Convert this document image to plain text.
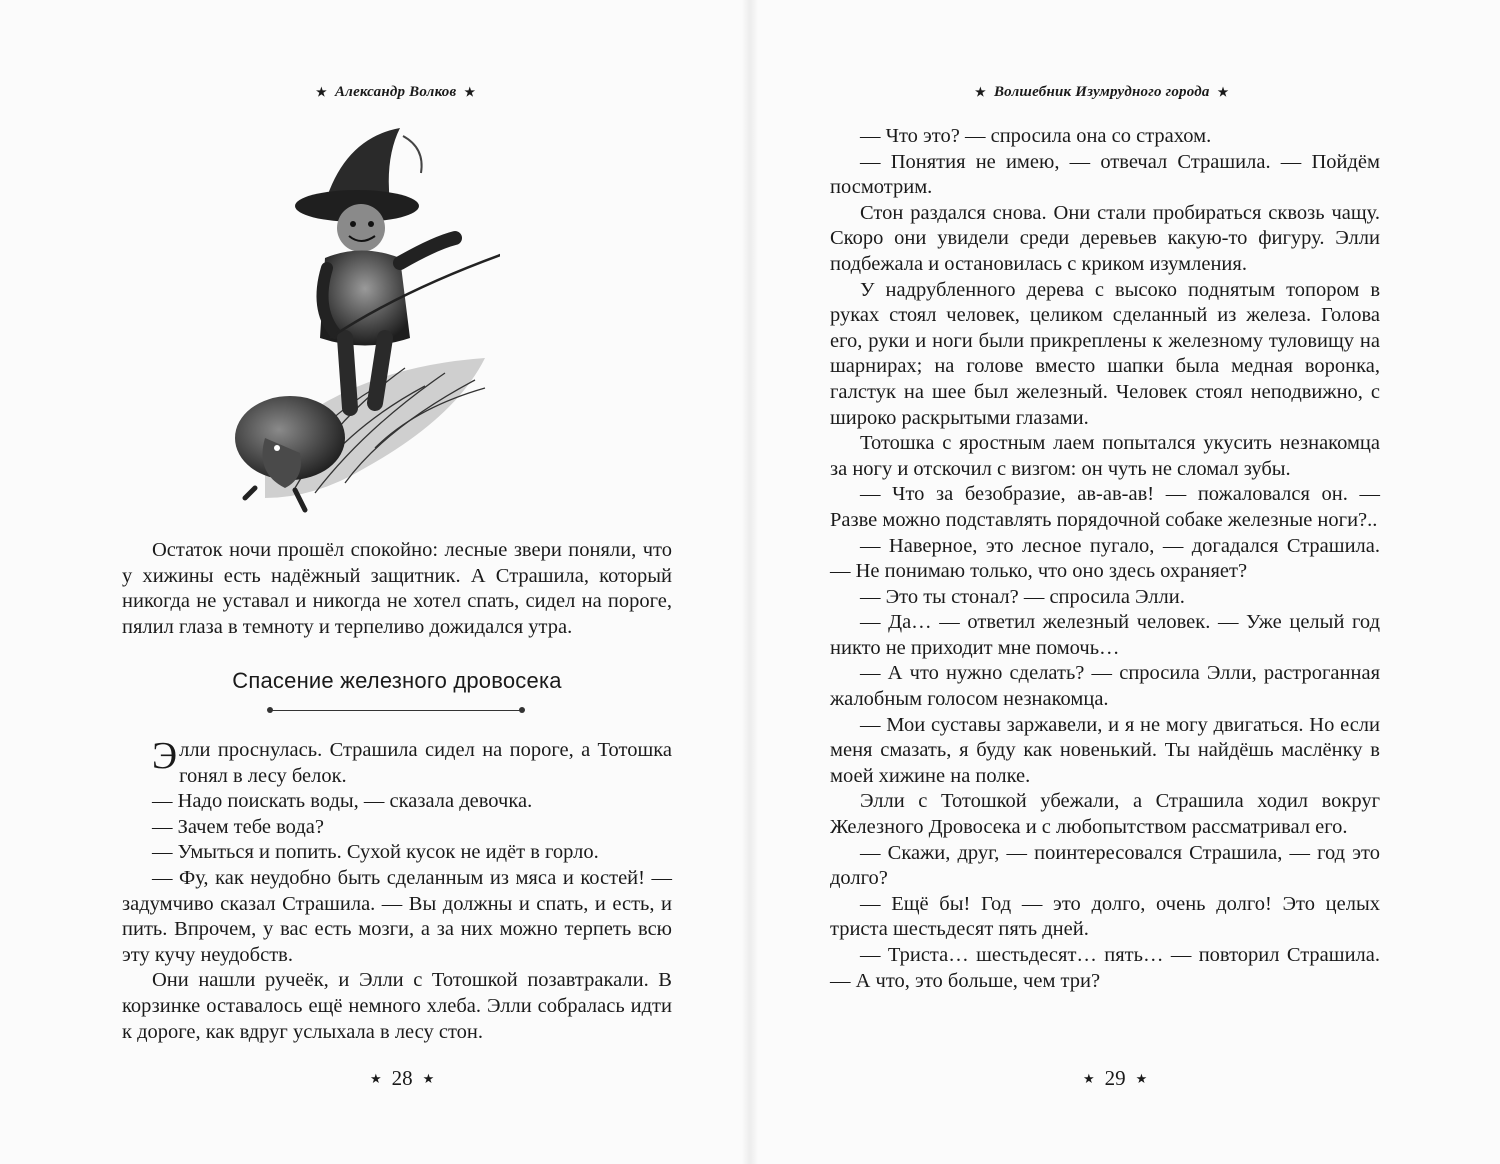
★ Александр Волков ★

Остаток ночи прошёл спокойно: лесные звери поняли, что у хижины есть надёжный защитник. А Страшила, который никогда не уставал и никогда не хотел спать, сидел на пороге, пялил глаза в темноту и терпеливо дожидался утра.

Спасение железного дровосека

Элли проснулась. Страшила сидел на пороге, а Тотошка гонял в лесу белок.

— Надо поискать воды, — сказала девочка.

— Зачем тебе вода?

— Умыться и попить. Сухой кусок не идёт в горло.

— Фу, как неудобно быть сделанным из мяса и костей! — задумчиво сказал Страшила. — Вы должны и спать, и есть, и пить. Впрочем, у вас есть мозги, а за них можно терпеть всю эту кучу неудобств.

Они нашли ручеёк, и Элли с Тотошкой позавтракали. В корзинке оставалось ещё немного хлеба. Элли собралась идти к дороге, как вдруг услыхала в лесу стон.

★ 28 ★
★ Волшебник Изумрудного города ★

— Что это? — спросила она со страхом.

— Понятия не имею, — отвечал Страшила. — Пойдём посмотрим.

Стон раздался снова. Они стали пробираться сквозь чащу. Скоро они увидели среди деревьев какую-то фигуру. Элли подбежала и остановилась с криком изумления.

У надрубленного дерева с высоко поднятым топором в руках стоял человек, целиком сделанный из железа. Голова его, руки и ноги были прикреплены к железному туловищу на шарнирах; на голове вместо шапки была медная воронка, галстук на шее был железный. Человек стоял неподвижно, с широко раскрытыми глазами.

Тотошка с яростным лаем попытался укусить незнакомца за ногу и отскочил с визгом: он чуть не сломал зубы.

— Что за безобразие, ав-ав-ав! — пожаловался он. — Разве можно подставлять порядочной собаке железные ноги?..

— Наверное, это лесное пугало, — догадался Страшила. — Не понимаю только, что оно здесь охраняет?

— Это ты стонал? — спросила Элли.

— Да… — ответил железный человек. — Уже целый год никто не приходит мне помочь…

— А что нужно сделать? — спросила Элли, растроганная жалобным голосом незнакомца.

— Мои суставы заржавели, и я не могу двигаться. Но если меня смазать, я буду как новенький. Ты найдёшь маслёнку в моей хижине на полке.

Элли с Тотошкой убежали, а Страшила ходил вокруг Железного Дровосека и с любопытством рассматривал его.

— Скажи, друг, — поинтересовался Страшила, — год это долго?

— Ещё бы! Год — это долго, очень долго! Это целых триста шестьдесят пять дней.

— Триста… шестьдесят… пять… — повторил Страшила. — А что, это больше, чем три?

★ 29 ★
